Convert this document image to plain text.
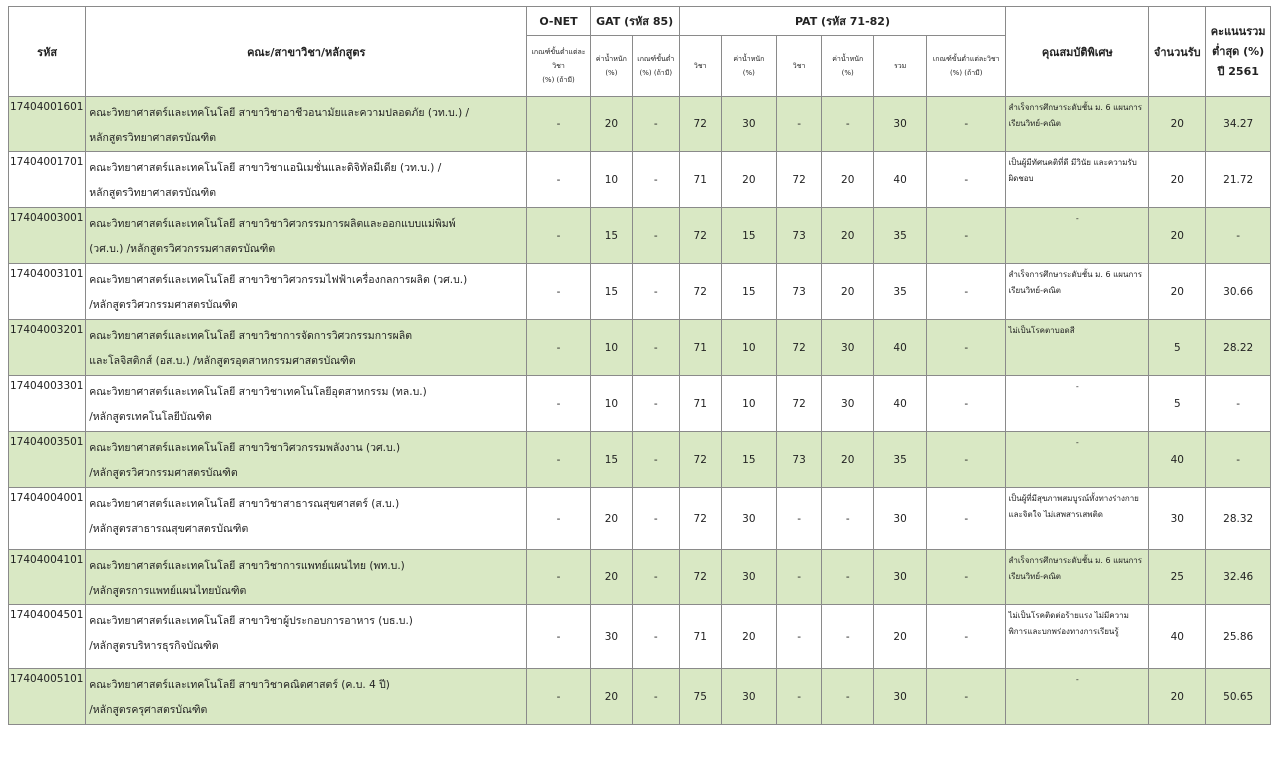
รหัส	คณะ/สาขาวิชา/หลักสูตร	O-NET	GAT (รหัส 85)		PAT (รหัส 71-82)						คุณสมบัติพิเศษ	จำนวนรับ	คะแนนรวม
ต่ำสุด (%)
ปี 2561

		เกณฑ์ขั้นต่ำแต่ละวิชา
(%) (ถ้ามี)	ค่าน้ำหนัก
(%)	เกณฑ์ขั้นต่ำ
(%) (ถ้ามี)	วิชา	ค่าน้ำหนัก
(%)	วิชา	ค่าน้ำหนัก
(%)	รวม	เกณฑ์ขั้นต่ำแต่ละวิชา
(%) (ถ้ามี)			

17404001601	คณะวิทยาศาสตร์และเทคโนโลยี สาขาวิชาอาชีวอนามัยและความปลอดภัย (วท.บ.) /
หลักสูตรวิทยาศาสตรบัณฑิต	-	20	-	72	30	-	-	30	-	สำเร็จการศึกษาระดับชั้น ม. 6 แผนการเรียนวิทย์-คณิต	20	34.27
17404001701	คณะวิทยาศาสตร์และเทคโนโลยี สาขาวิชาแอนิเมชั่นและดิจิทัลมีเดีย (วท.บ.) /
หลักสูตรวิทยาศาสตรบัณฑิต	-	10	-	71	20	72	20	40	-	เป็นผู้มีทัศนคติที่ดี มีวินัย และความรับผิดชอบ	20	21.72
17404003001	คณะวิทยาศาสตร์และเทคโนโลยี สาขาวิชาวิศวกรรมการผลิตและออกแบบแม่พิมพ์
(วศ.บ.) /หลักสูตรวิศวกรรมศาสตรบัณฑิต	-	15	-	72	15	73	20	35	-	-	20	-
17404003101	คณะวิทยาศาสตร์และเทคโนโลยี สาขาวิชาวิศวกรรมไฟฟ้าเครื่องกลการผลิต (วศ.บ.)
/หลักสูตรวิศวกรรมศาสตรบัณฑิต	-	15	-	72	15	73	20	35	-	สำเร็จการศึกษาระดับชั้น ม. 6 แผนการเรียนวิทย์-คณิต	20	30.66
17404003201	คณะวิทยาศาสตร์และเทคโนโลยี สาขาวิชาการจัดการวิศวกรรมการผลิต
และโลจิสติกส์ (อส.บ.) /หลักสูตรอุตสาหกรรมศาสตรบัณฑิต	-	10	-	71	10	72	30	40	-	ไม่เป็นโรคตาบอดสี	5	28.22
17404003301	คณะวิทยาศาสตร์และเทคโนโลยี สาขาวิชาเทคโนโลยีอุตสาหกรรม (ทล.บ.)
/หลักสูตรเทคโนโลยีบัณฑิต	-	10	-	71	10	72	30	40	-	-	5	-
17404003501	คณะวิทยาศาสตร์และเทคโนโลยี สาขาวิชาวิศวกรรมพลังงาน (วศ.บ.)
/หลักสูตรวิศวกรรมศาสตรบัณฑิต	-	15	-	72	15	73	20	35	-	-	40	-
17404004001	คณะวิทยาศาสตร์และเทคโนโลยี สาขาวิชาสาธารณสุขศาสตร์ (ส.บ.)
/หลักสูตรสาธารณสุขศาสตรบัณฑิต	-	20	-	72	30	-	-	30	-	เป็นผู้ที่มีสุขภาพสมบูรณ์ทั้งทางร่างกาย และจิตใจ ไม่เสพสารเสพติด	30	28.32
17404004101	คณะวิทยาศาสตร์และเทคโนโลยี สาขาวิชาการแพทย์แผนไทย (พท.บ.)
/หลักสูตรการแพทย์แผนไทยบัณฑิต	-	20	-	72	30	-	-	30	-	สำเร็จการศึกษาระดับชั้น ม. 6 แผนการเรียนวิทย์-คณิต	25	32.46
17404004501	คณะวิทยาศาสตร์และเทคโนโลยี สาขาวิชาผู้ประกอบการอาหาร (บธ.บ.)
/หลักสูตรบริหารธุรกิจบัณฑิต	-	30	-	71	20	-	-	20	-	ไม่เป็นโรคติดต่อร้ายแรง ไม่มีความพิการและบกพร่องทางการเรียนรู้	40	25.86
17404005101	คณะวิทยาศาสตร์และเทคโนโลยี สาขาวิชาคณิตศาสตร์ (ค.บ. 4 ปี)
/หลักสูตรครุศาสตรบัณฑิต	-	20	-	75	30	-	-	30	-	-	20	50.65
